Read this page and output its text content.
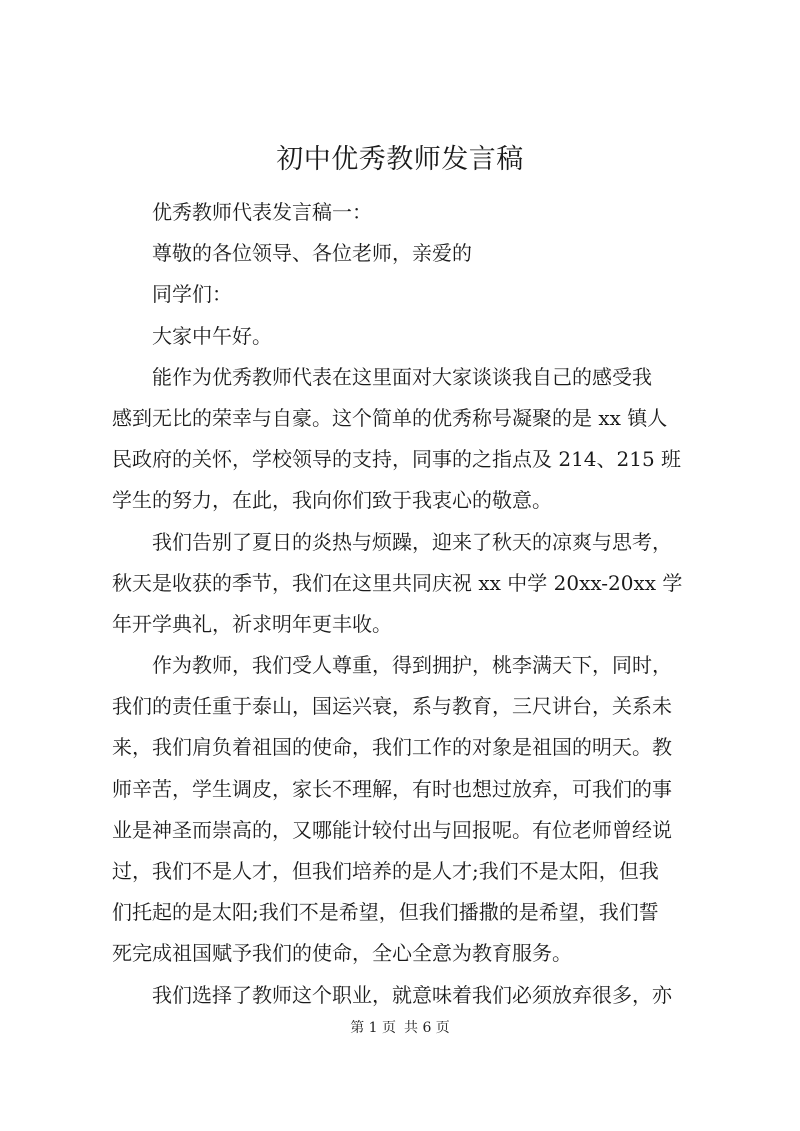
初中优秀教师发言稿

优秀教师代表发言稿一：

尊敬的各位领导、各位老师，亲爱的

同学们：

大家中午好。

能作为优秀教师代表在这里面对大家谈谈我自己的感受我

感到无比的荣幸与自豪。这个简单的优秀称号凝聚的是 xx 镇人

民政府的关怀，学校领导的支持，同事的之指点及 214、215 班

学生的努力，在此，我向你们致于我衷心的敬意。

我们告别了夏日的炎热与烦躁，迎来了秋天的凉爽与思考，

秋天是收获的季节，我们在这里共同庆祝 xx 中学 20xx-20xx 学

年开学典礼，祈求明年更丰收。

作为教师，我们受人尊重，得到拥护，桃李满天下，同时，

我们的责任重于泰山，国运兴衰，系与教育，三尺讲台，关系未

来，我们肩负着祖国的使命，我们工作的对象是祖国的明天。教

师辛苦，学生调皮，家长不理解，有时也想过放弃，可我们的事

业是神圣而崇高的，又哪能计较付出与回报呢。有位老师曾经说

过，我们不是人才，但我们培养的是人才;我们不是太阳，但我

们托起的是太阳;我们不是希望，但我们播撒的是希望，我们誓

死完成祖国赋予我们的使命，全心全意为教育服务。

我们选择了教师这个职业，就意味着我们必须放弃很多，亦

第 1 页 共 6 页
